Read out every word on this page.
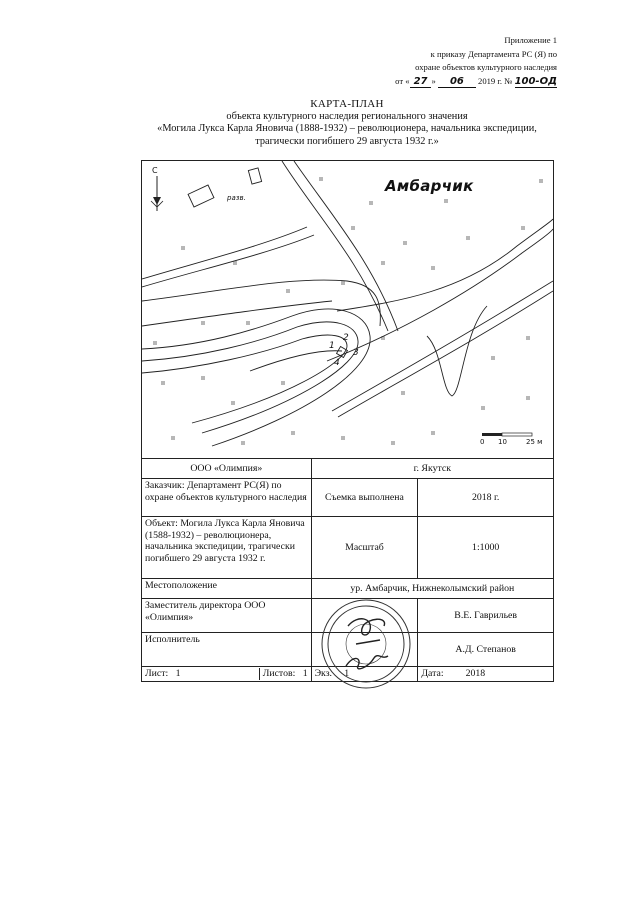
Приложение 1
к приказу Департамента РС (Я) по
охране объектов культурного наследия
от « 27 » 06 2019 г. № 100-ОД
КАРТА-ПЛАН
объекта культурного наследия регионального значения
«Могила Лукса Карла Яновича (1888-1932) – революционера, начальника экспедиции,
трагически погибшего 29 августа 1932 г.»
С
разв.
Амбарчик
1
2
3
4
0 10	25 м
ООО «Олимпия»	г. Якутск	
Заказчик: Департамент РС(Я) по охране объектов культурного наследия	Съемка выполнена	2018 г.
Объект: Могила Лукса Карла Яновича (1588-1932) – революционера, начальника экспедиции, трагически погибшего 29 августа 1932 г.	Масштаб	1:1000
Местоположение	ур. Амбарчик, Нижнеколымский район	
Заместитель директора ООО «Олимпия»		В.Е. Гаврильев
Исполнитель		А.Д. Степанов

Лист: 1 Листов: 1	Экз. 1	Дата: 2018
